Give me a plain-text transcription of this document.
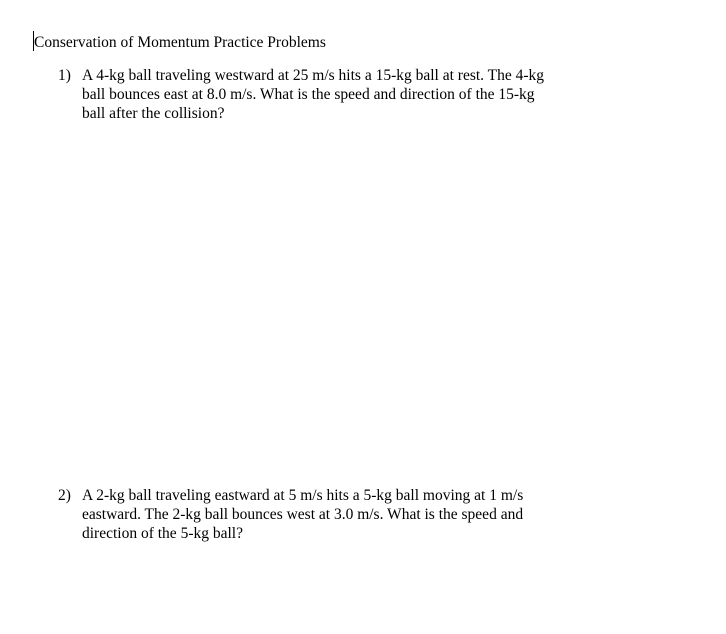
Conservation of Momentum Practice Problems
1) A 4-kg ball traveling westward at 25 m/s hits a 15-kg ball at rest. The 4-kg
ball bounces east at 8.0 m/s. What is the speed and direction of the 15-kg
ball after the collision?
2) A 2-kg ball traveling eastward at 5 m/s hits a 5-kg ball moving at 1 m/s
eastward. The 2-kg ball bounces west at 3.0 m/s. What is the speed and
direction of the 5-kg ball?
